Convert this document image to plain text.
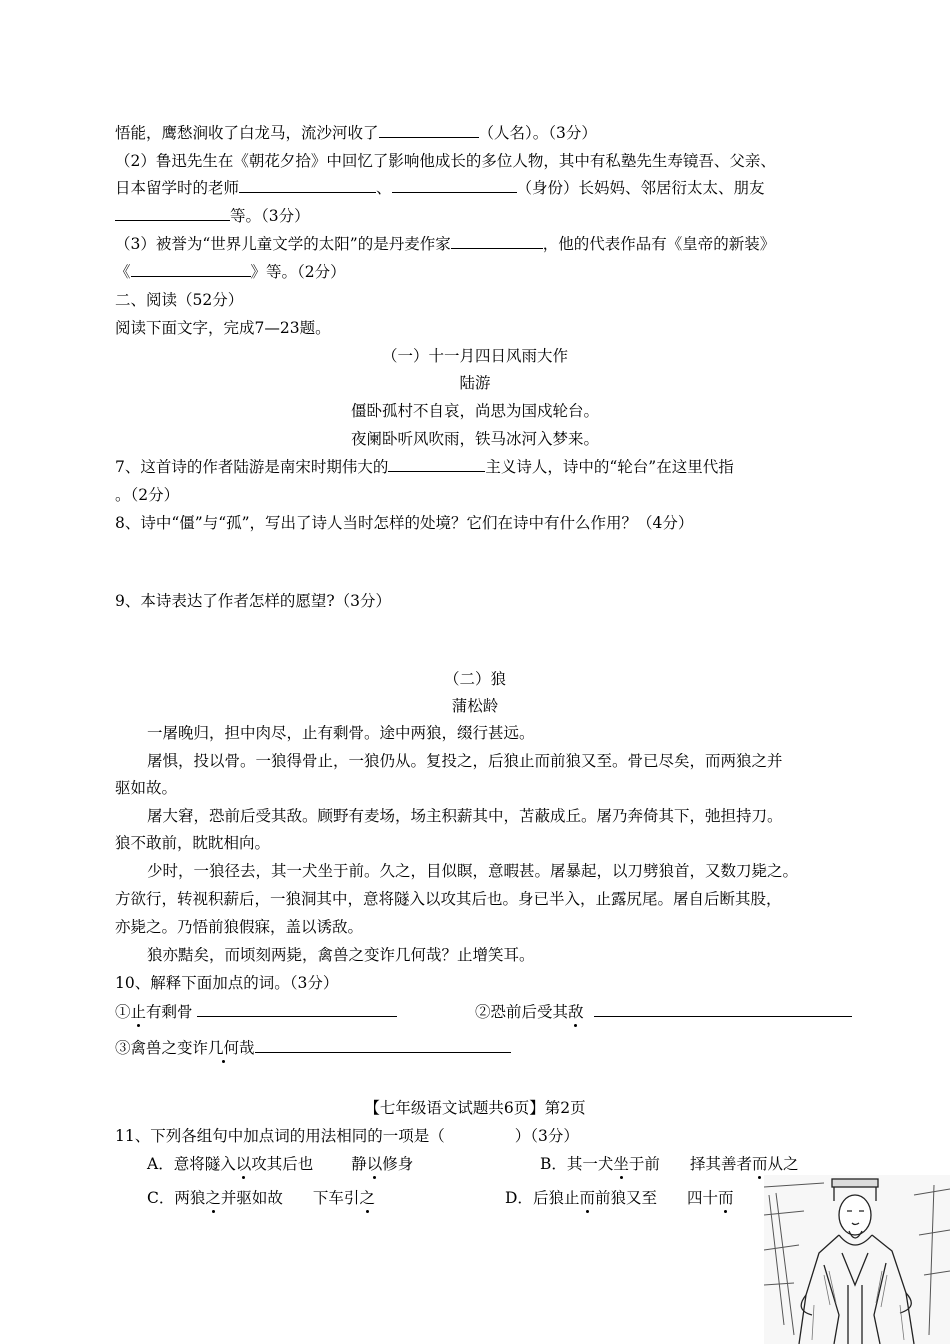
悟能，鹰愁涧收了白龙马，流沙河收了	（人名）。（3分）
（2）鲁迅先生在《朝花夕拾》中回忆了影响他成长的多位人物，其中有私塾先生寿镜吾、父亲、
日本留学时的老师	、	（身份）长妈妈、邻居衍太太、朋友
等。（3分）
（3）被誉为“世界儿童文学的太阳”的是丹麦作家	，他的代表作品有《皇帝的新装》
《	》等。（2分）
二、阅读（52分）
阅读下面文字，完成7—23题。
（一）十一月四日风雨大作
陆游
僵卧孤村不自哀，尚思为国戍轮台。
夜阑卧听风吹雨，铁马冰河入梦来。
7、这首诗的作者陆游是南宋时期伟大的	主义诗人，诗中的“轮台”在这里代指
。（2分）
8、诗中“僵”与“孤”，写出了诗人当时怎样的处境？它们在诗中有什么作用？（4分）
9、本诗表达了作者怎样的愿望?（3分）
（二）狼
蒲松龄
一屠晚归，担中肉尽，止有剩骨。途中两狼，缀行甚远。
屠惧，投以骨。一狼得骨止，一狼仍从。复投之，后狼止而前狼又至。骨已尽矣，而两狼之并
驱如故。
屠大窘，恐前后受其敌。顾野有麦场，场主积薪其中，苫蔽成丘。屠乃奔倚其下，弛担持刀。
狼不敢前，眈眈相向。
少时，一狼径去，其一犬坐于前。久之，目似瞑，意暇甚。屠暴起，以刀劈狼首，又数刀毙之。
方欲行，转视积薪后，一狼洞其中，意将隧入以攻其后也。身已半入，止露尻尾。屠自后断其股，
亦毙之。乃悟前狼假寐，盖以诱敌。
狼亦黠矣，而顷刻两毙，禽兽之变诈几何哉？止增笑耳。
10、解释下面加点的词。（3分）
①止有剩骨	②恐前后受其敌
③禽兽之变诈几何哉
【七年级语文试题共6页】第2页
11、下列各组句中加点词的用法相同的一项是（	）（3分）
A．意将隧入以攻其后也 静以修身	B．其一犬坐于前 择其善者而从之
C．两狼之并驱如故 下车引之	D．后狼止而前狼又至 四十而
